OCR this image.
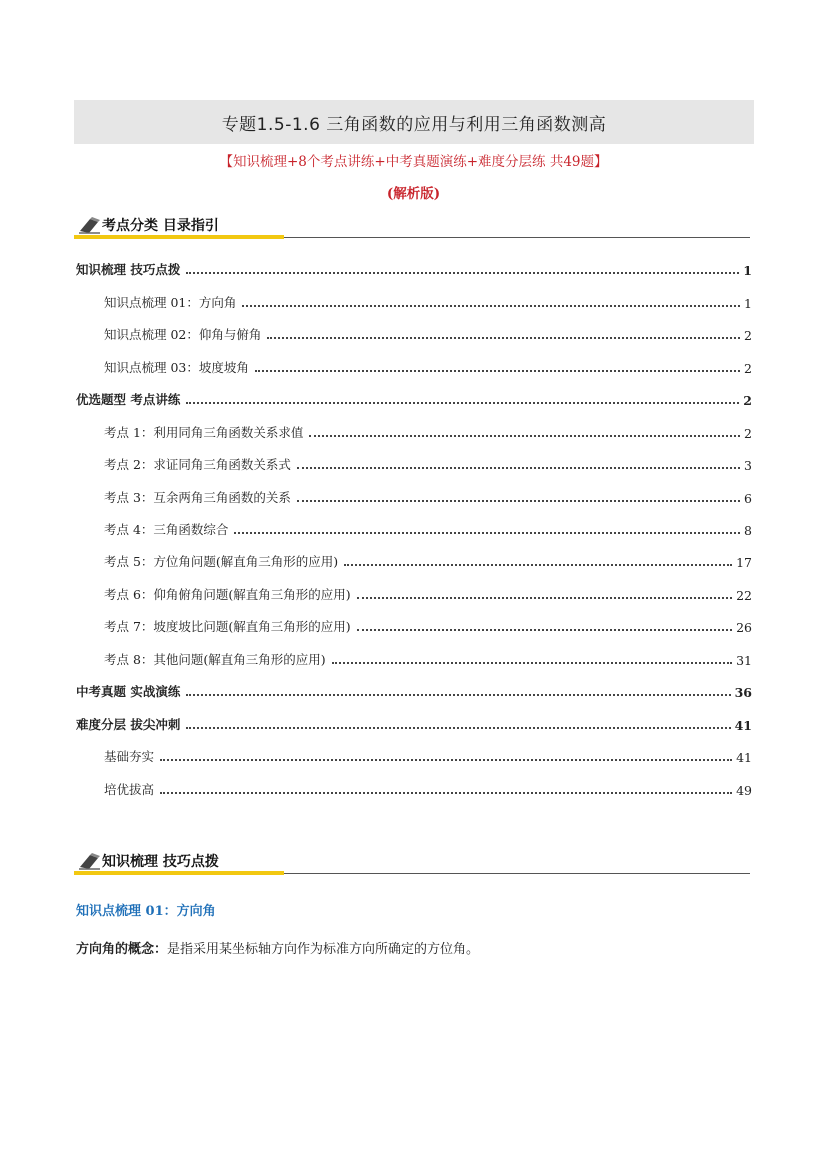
专题1.5-1.6 三角函数的应用与利用三角函数测高
【知识梳理+8个考点讲练+中考真题演练+难度分层练 共49题】
(解析版)
考点分类 目录指引
知识梳理 技巧点拨	1
知识点梳理 01：方向角	1
知识点梳理 02：仰角与俯角	2
知识点梳理 03：坡度坡角	2
优选题型 考点讲练	2
考点 1：利用同角三角函数关系求值	2
考点 2：求证同角三角函数关系式	3
考点 3：互余两角三角函数的关系	6
考点 4：三角函数综合	8
考点 5：方位角问题(解直角三角形的应用)	17
考点 6：仰角俯角问题(解直角三角形的应用)	22
考点 7：坡度坡比问题(解直角三角形的应用)	26
考点 8：其他问题(解直角三角形的应用)	31
中考真题 实战演练	36
难度分层 拔尖冲刺	41
基础夯实	41
培优拔高	49
知识梳理 技巧点拨
知识点梳理 01：方向角
方向角的概念：是指采用某坐标轴方向作为标准方向所确定的方位角。
